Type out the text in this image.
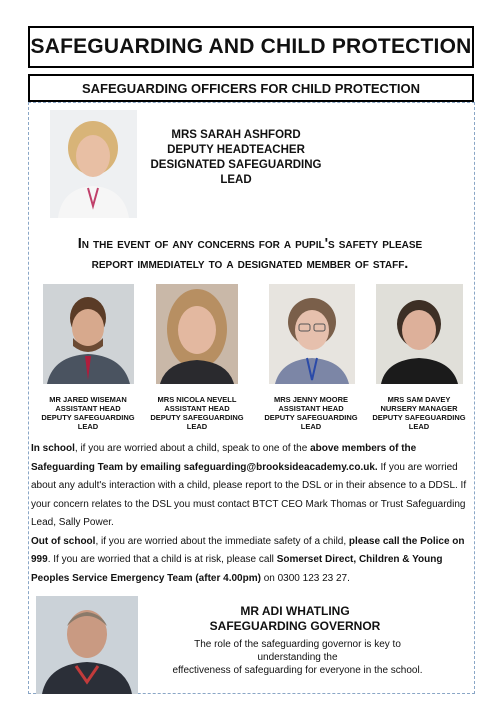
SAFEGUARDING AND CHILD PROTECTION
SAFEGUARDING OFFICERS FOR CHILD PROTECTION
MRS SARAH ASHFORD
DEPUTY HEADTEACHER
DESIGNATED SAFEGUARDING
LEAD
In the event of any concerns for a pupil's safety please
report immediately to a designated member of staff.
MR JARED WISEMAN
ASSISTANT HEAD
DEPUTY SAFEGUARDING
LEAD
MRS NICOLA NEVELL
ASSISTANT HEAD
DEPUTY SAFEGUARDING
LEAD
MRS JENNY MOORE
ASSISTANT HEAD
DEPUTY SAFEGUARDING
LEAD
MRS SAM DAVEY
NURSERY MANAGER
DEPUTY SAFEGUARDING
LEAD

In school, if you are worried about a child, speak to one of the above members of the Safeguarding Team by emailing safeguarding@brooksideacademy.co.uk. If you are worried about any adult's interaction with a child, please report to the DSL or in their absence to a DDSL. If your concern relates to the DSL you must contact BTCT CEO Mark Thomas or Trust Safeguarding Lead, Sally Power.

Out of school, if you are worried about the immediate safety of a child, please call the Police on 999. If you are worried that a child is at risk, please call Somerset Direct, Children & Young Peoples Service Emergency Team (after 4.00pm) on 0300 123 23 27.

MR ADI WHATLING
SAFEGUARDING GOVERNOR
The role of the safeguarding governor is key to
understanding the
effectiveness of safeguarding for everyone in the school.
